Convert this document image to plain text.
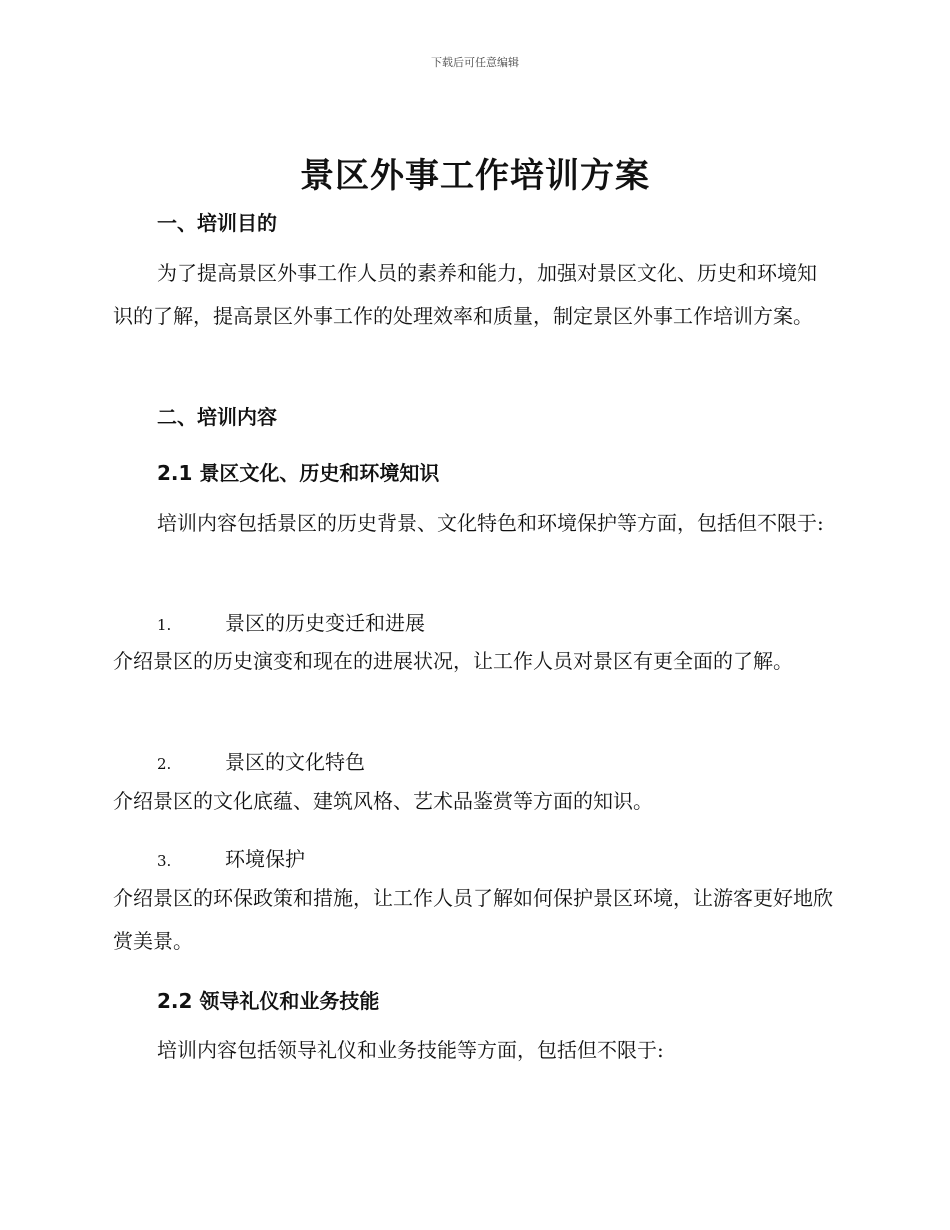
下载后可任意编辑
景区外事工作培训方案
一、培训目的

为了提高景区外事工作人员的素养和能力，加强对景区文化、历史和环境知识的了解，提高景区外事工作的处理效率和质量，制定景区外事工作培训方案。

二、培训内容
2.1 景区文化、历史和环境知识

培训内容包括景区的历史背景、文化特色和环境保护等方面，包括但不限于:

1.	景区的历史变迁和进展

介绍景区的历史演变和现在的进展状况，让工作人员对景区有更全面的了解。

2.	景区的文化特色

介绍景区的文化底蕴、建筑风格、艺术品鉴赏等方面的知识。

3.	环境保护

介绍景区的环保政策和措施，让工作人员了解如何保护景区环境，让游客更好地欣赏美景。

2.2 领导礼仪和业务技能

培训内容包括领导礼仪和业务技能等方面，包括但不限于:
